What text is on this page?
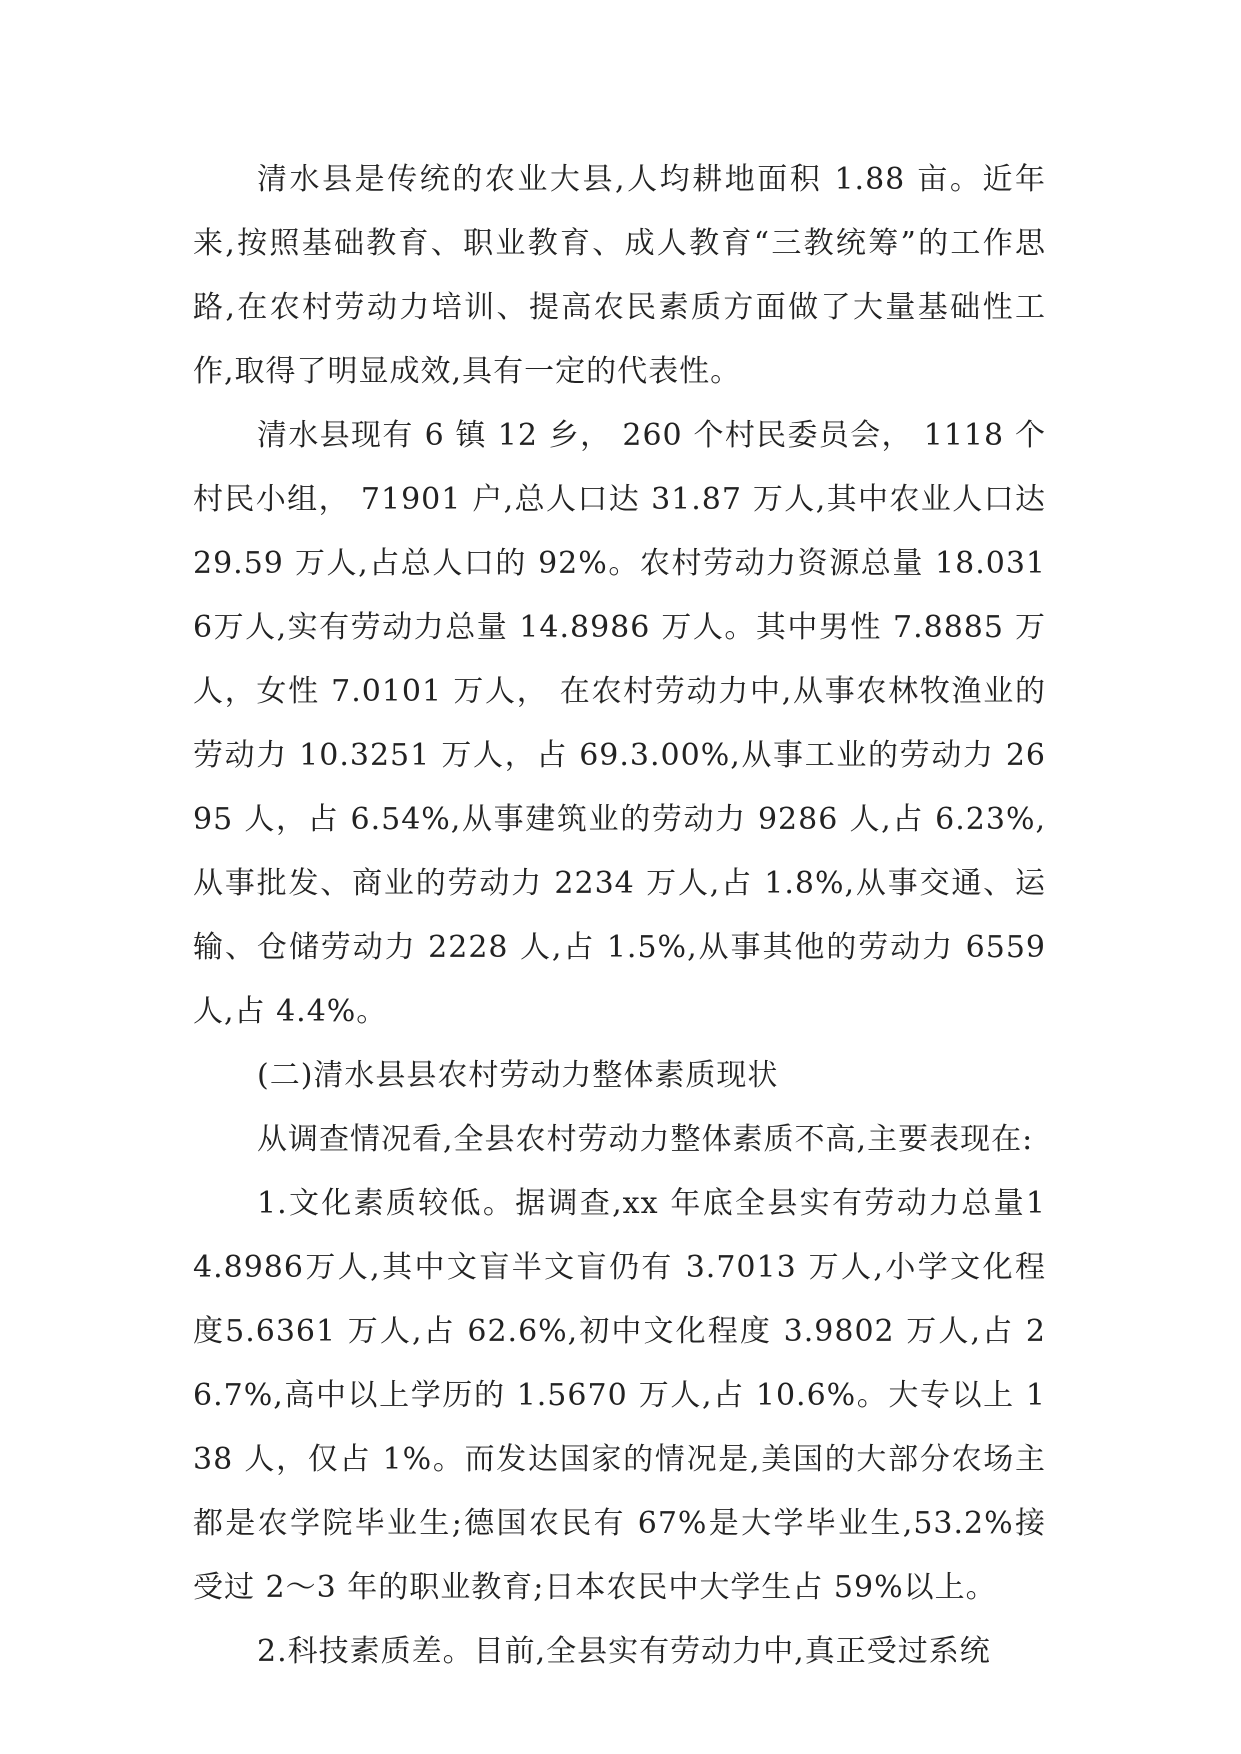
清水县是传统的农业大县,人均耕地面积 1.88 亩。近年来,按照基础教育、职业教育、成人教育“三教统筹”的工作思路,在农村劳动力培训、提高农民素质方面做了大量基础性工作,取得了明显成效,具有一定的代表性。

清水县现有 6 镇 12 乡， 260 个村民委员会， 1118 个村民小组， 71901 户,总人口达 31.87 万人,其中农业人口达29.59 万人,占总人口的 92%。农村劳动力资源总量 18.0316万人,实有劳动力总量 14.8986 万人。其中男性 7.8885 万人，女性 7.0101 万人， 在农村劳动力中,从事农林牧渔业的劳动力 10.3251 万人，占 69.3.00%,从事工业的劳动力 2695 人，占 6.54%,从事建筑业的劳动力 9286 人,占 6.23%,从事批发、商业的劳动力 2234 万人,占 1.8%,从事交通、运输、仓储劳动力 2228 人,占 1.5%,从事其他的劳动力 6559 人,占 4.4%。

(二)清水县县农村劳动力整体素质现状

从调查情况看,全县农村劳动力整体素质不高,主要表现在:

1.文化素质较低。据调查,xx 年底全县实有劳动力总量14.8986万人,其中文盲半文盲仍有 3.7013 万人,小学文化程度5.6361 万人,占 62.6%,初中文化程度 3.9802 万人,占 26.7%,高中以上学历的 1.5670 万人,占 10.6%。大专以上 138 人，仅占 1%。而发达国家的情况是,美国的大部分农场主都是农学院毕业生;德国农民有 67%是大学毕业生,53.2%接受过 2～3 年的职业教育;日本农民中大学生占 59%以上。

2.科技素质差。目前,全县实有劳动力中,真正受过系统
